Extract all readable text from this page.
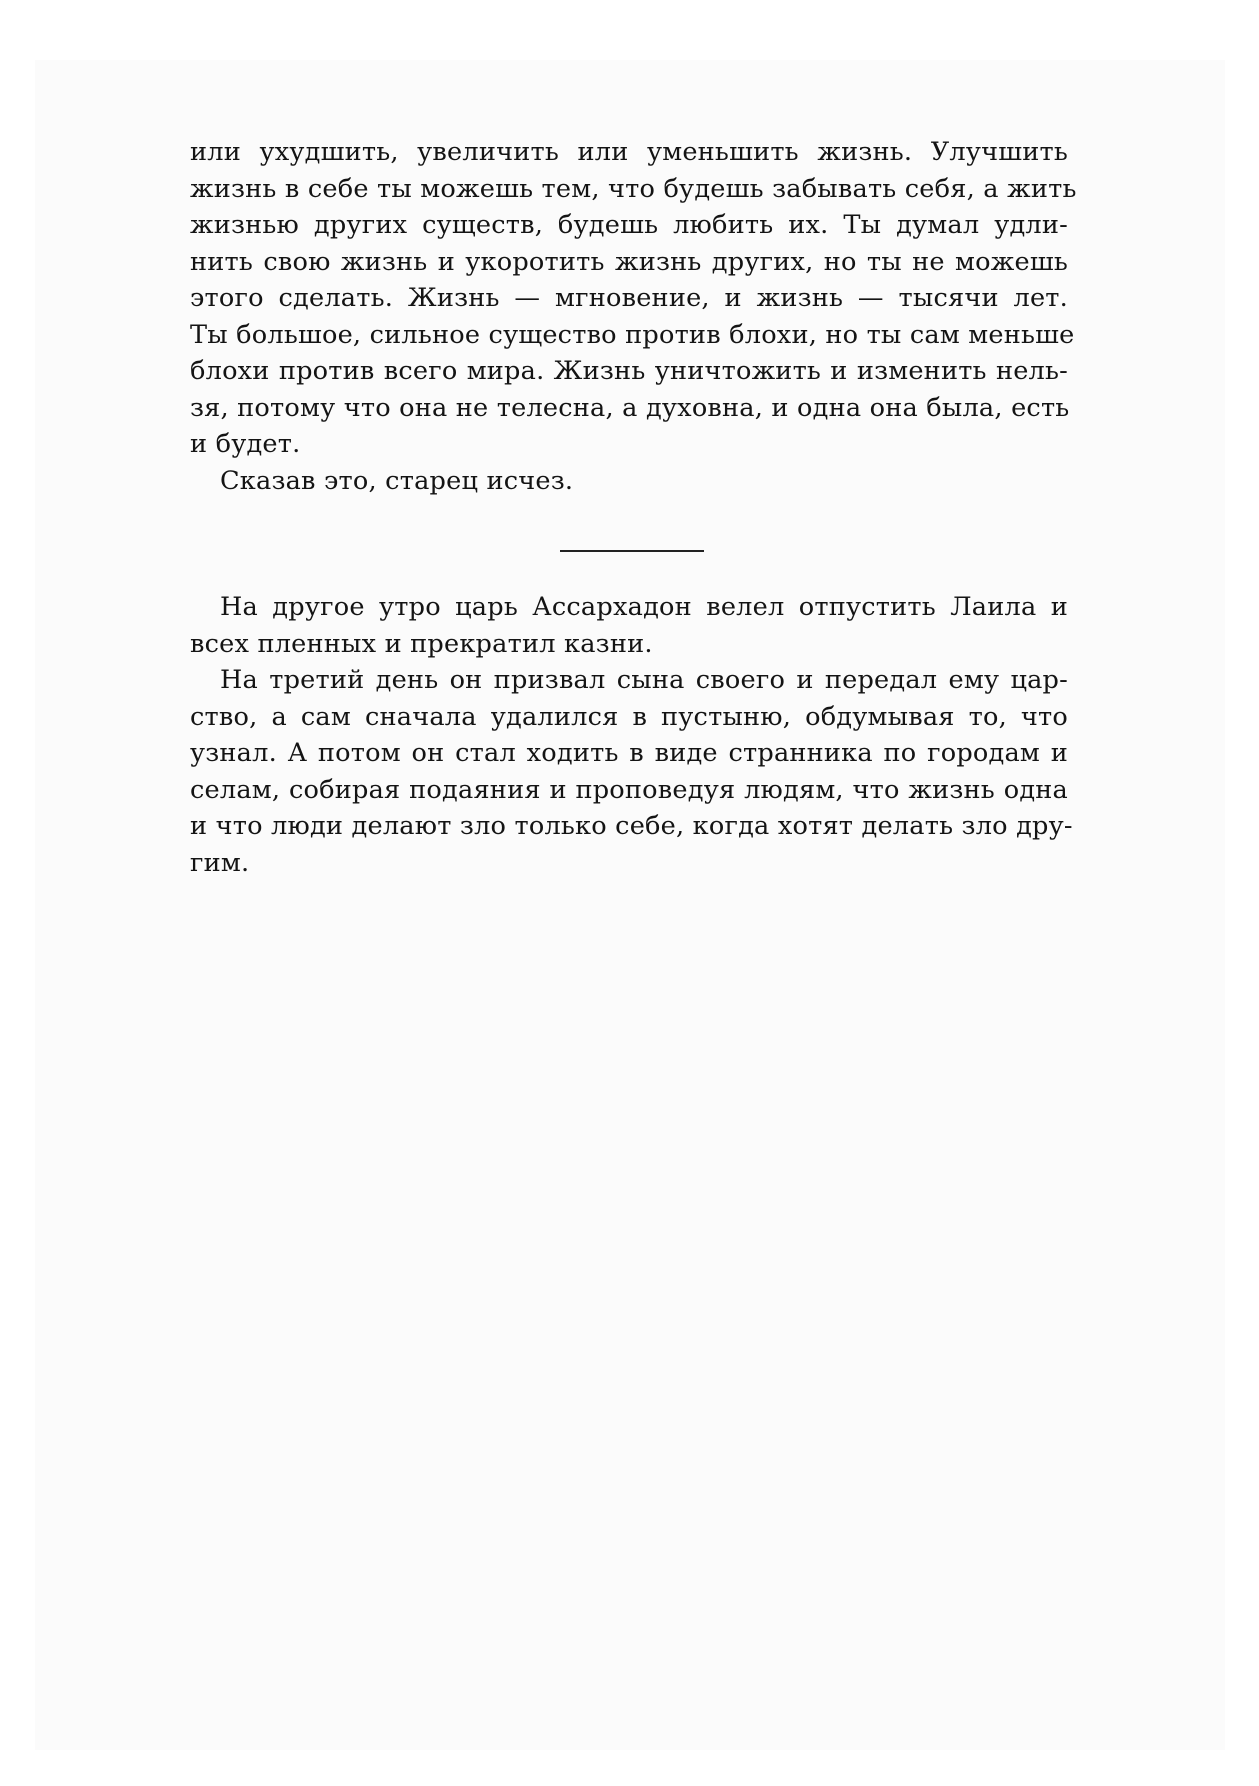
или ухудшить, увеличить или уменьшить жизнь. Улучшить
жизнь в себе ты можешь тем, что будешь забывать себя, а жить
жизнью других существ, будешь любить их. Ты думал удли-
нить свою жизнь и укоротить жизнь других, но ты не можешь
этого сделать. Жизнь — мгновение, и жизнь — тысячи лет.
Ты большое, сильное существо против блохи, но ты сам меньше
блохи против всего мира. Жизнь уничтожить и изменить нель-
зя, потому что она не телесна, а духовна, и одна она была, есть
и будет.

Сказав это, старец исчез.

На другое утро царь Ассархадон велел отпустить Лаила и
всех пленных и прекратил казни.

На третий день он призвал сына своего и передал ему цар-
ство, а сам сначала удалился в пустыню, обдумывая то, что
узнал. А потом он стал ходить в виде странника по городам и
селам, собирая подаяния и проповедуя людям, что жизнь одна
и что люди делают зло только себе, когда хотят делать зло дру-
гим.
